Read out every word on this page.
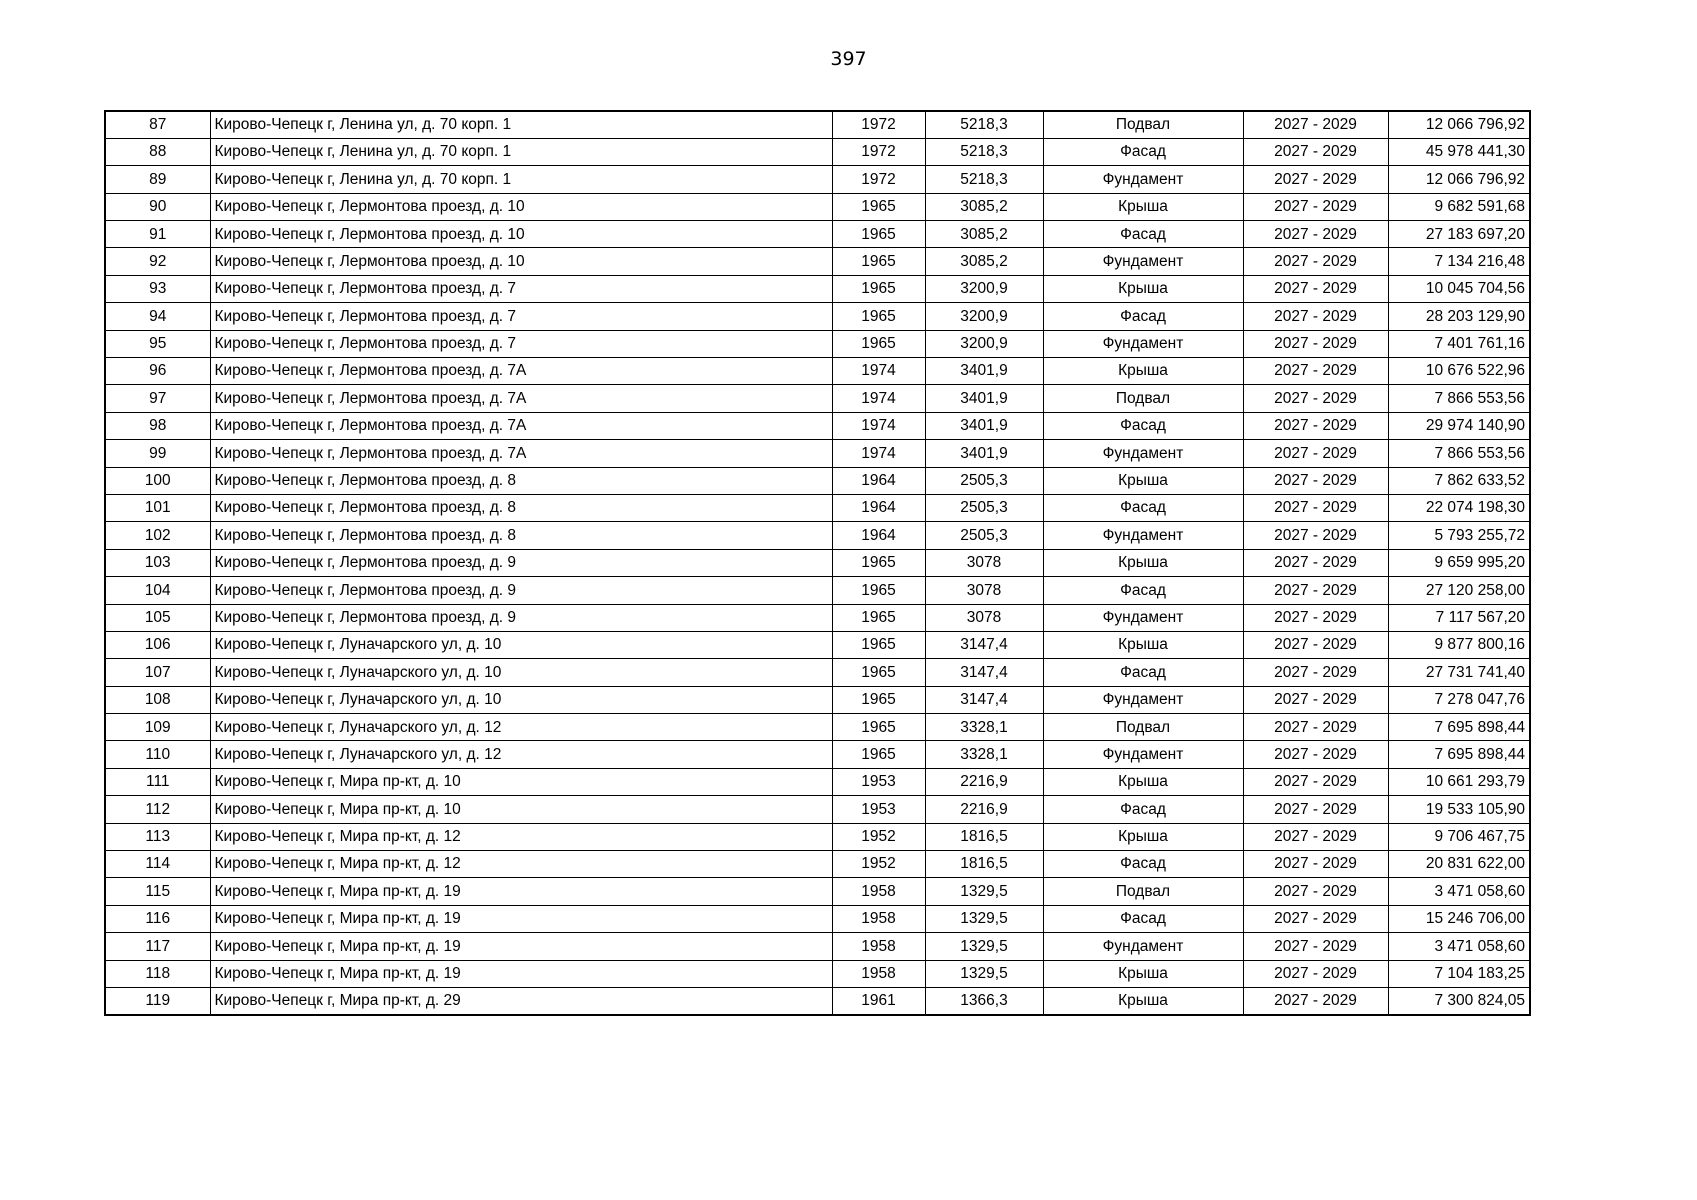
397
87	Кирово-Чепецк г, Ленина ул, д. 70 корп. 1	1972	5218,3	Подвал	2027 - 2029	12 066 796,92
88	Кирово-Чепецк г, Ленина ул, д. 70 корп. 1	1972	5218,3	Фасад	2027 - 2029	45 978 441,30
89	Кирово-Чепецк г, Ленина ул, д. 70 корп. 1	1972	5218,3	Фундамент	2027 - 2029	12 066 796,92
90	Кирово-Чепецк г, Лермонтова проезд, д. 10	1965	3085,2	Крыша	2027 - 2029	9 682 591,68
91	Кирово-Чепецк г, Лермонтова проезд, д. 10	1965	3085,2	Фасад	2027 - 2029	27 183 697,20
92	Кирово-Чепецк г, Лермонтова проезд, д. 10	1965	3085,2	Фундамент	2027 - 2029	7 134 216,48
93	Кирово-Чепецк г, Лермонтова проезд, д. 7	1965	3200,9	Крыша	2027 - 2029	10 045 704,56
94	Кирово-Чепецк г, Лермонтова проезд, д. 7	1965	3200,9	Фасад	2027 - 2029	28 203 129,90
95	Кирово-Чепецк г, Лермонтова проезд, д. 7	1965	3200,9	Фундамент	2027 - 2029	7 401 761,16
96	Кирово-Чепецк г, Лермонтова проезд, д. 7А	1974	3401,9	Крыша	2027 - 2029	10 676 522,96
97	Кирово-Чепецк г, Лермонтова проезд, д. 7А	1974	3401,9	Подвал	2027 - 2029	7 866 553,56
98	Кирово-Чепецк г, Лермонтова проезд, д. 7А	1974	3401,9	Фасад	2027 - 2029	29 974 140,90
99	Кирово-Чепецк г, Лермонтова проезд, д. 7А	1974	3401,9	Фундамент	2027 - 2029	7 866 553,56
100	Кирово-Чепецк г, Лермонтова проезд, д. 8	1964	2505,3	Крыша	2027 - 2029	7 862 633,52
101	Кирово-Чепецк г, Лермонтова проезд, д. 8	1964	2505,3	Фасад	2027 - 2029	22 074 198,30
102	Кирово-Чепецк г, Лермонтова проезд, д. 8	1964	2505,3	Фундамент	2027 - 2029	5 793 255,72
103	Кирово-Чепецк г, Лермонтова проезд, д. 9	1965	3078	Крыша	2027 - 2029	9 659 995,20
104	Кирово-Чепецк г, Лермонтова проезд, д. 9	1965	3078	Фасад	2027 - 2029	27 120 258,00
105	Кирово-Чепецк г, Лермонтова проезд, д. 9	1965	3078	Фундамент	2027 - 2029	7 117 567,20
106	Кирово-Чепецк г, Луначарского ул, д. 10	1965	3147,4	Крыша	2027 - 2029	9 877 800,16
107	Кирово-Чепецк г, Луначарского ул, д. 10	1965	3147,4	Фасад	2027 - 2029	27 731 741,40
108	Кирово-Чепецк г, Луначарского ул, д. 10	1965	3147,4	Фундамент	2027 - 2029	7 278 047,76
109	Кирово-Чепецк г, Луначарского ул, д. 12	1965	3328,1	Подвал	2027 - 2029	7 695 898,44
110	Кирово-Чепецк г, Луначарского ул, д. 12	1965	3328,1	Фундамент	2027 - 2029	7 695 898,44
111	Кирово-Чепецк г, Мира пр-кт, д. 10	1953	2216,9	Крыша	2027 - 2029	10 661 293,79
112	Кирово-Чепецк г, Мира пр-кт, д. 10	1953	2216,9	Фасад	2027 - 2029	19 533 105,90
113	Кирово-Чепецк г, Мира пр-кт, д. 12	1952	1816,5	Крыша	2027 - 2029	9 706 467,75
114	Кирово-Чепецк г, Мира пр-кт, д. 12	1952	1816,5	Фасад	2027 - 2029	20 831 622,00
115	Кирово-Чепецк г, Мира пр-кт, д. 19	1958	1329,5	Подвал	2027 - 2029	3 471 058,60
116	Кирово-Чепецк г, Мира пр-кт, д. 19	1958	1329,5	Фасад	2027 - 2029	15 246 706,00
117	Кирово-Чепецк г, Мира пр-кт, д. 19	1958	1329,5	Фундамент	2027 - 2029	3 471 058,60
118	Кирово-Чепецк г, Мира пр-кт, д. 19	1958	1329,5	Крыша	2027 - 2029	7 104 183,25
119	Кирово-Чепецк г, Мира пр-кт, д. 29	1961	1366,3	Крыша	2027 - 2029	7 300 824,05
